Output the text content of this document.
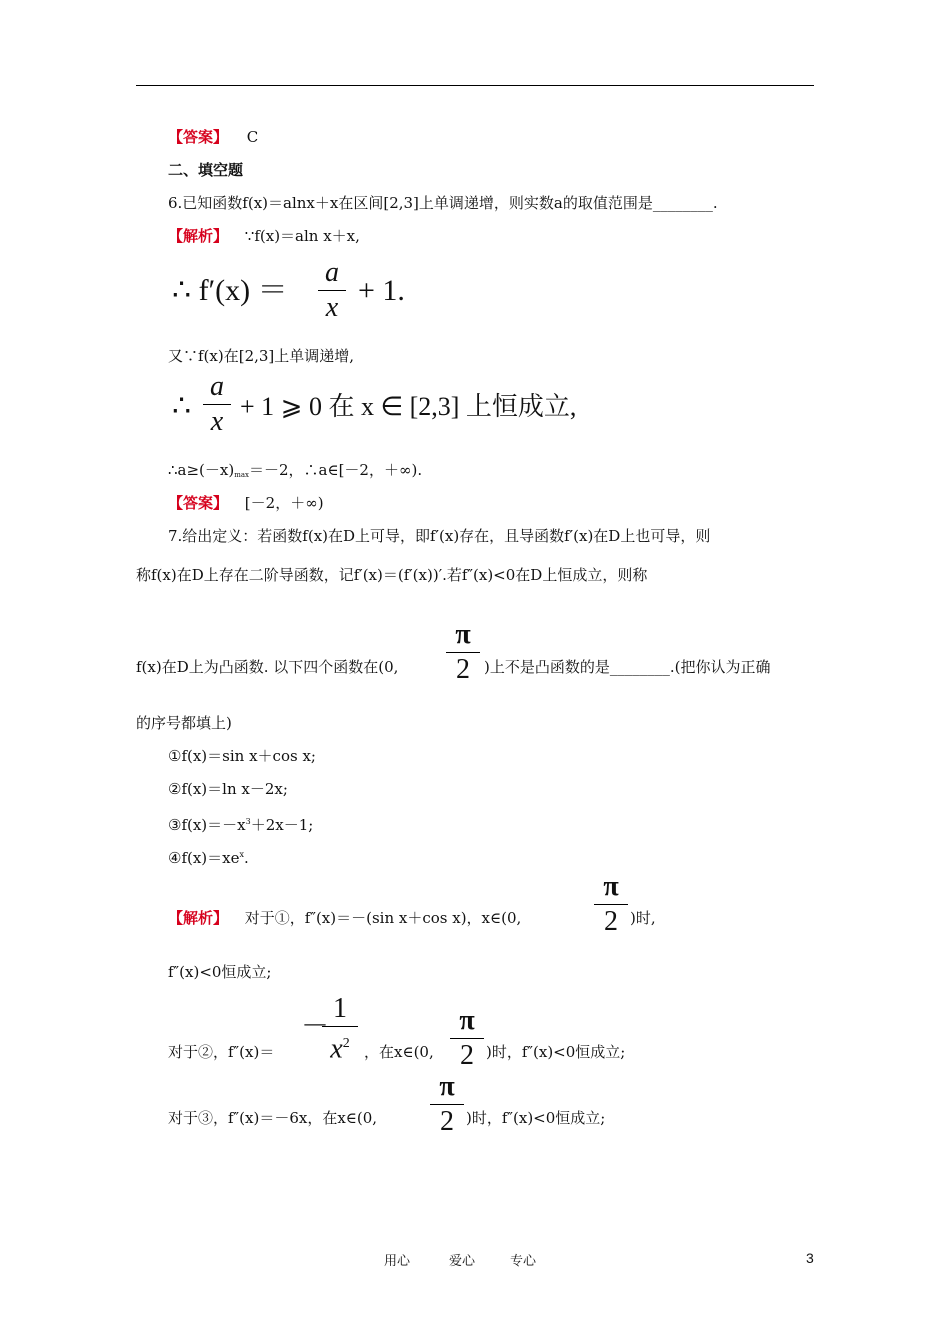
【答案】 C
二、填空题
6.已知函数f(x)＝alnx＋x在区间[2,3]上单调递增，则实数a的取值范围是________.
【解析】 ∵f(x)＝aln x＋x,
∴ f′(x) ＝
a
x
+ 1.
又∵f(x)在[2,3]上单调递增,
∴
a
x + 1 ⩾ 0 在 x ∈ [2,3] 上恒成立,
$\therefore a\ge(-x)_{max}=-2$，∴a∈[－2，＋∞).
【答案】 [－2，＋∞)
7.给出定义：若函数f(x)在D上可导，即f′(x)存在，且导函数f′(x)在D上也可导，则
称f(x)在D上存在二阶导函数，记f′(x)＝(f′(x))′.若f″(x)<0在D上恒成立，则称
f(x)在D上为凸函数. 以下四个函数在(0,
π
2 )上不是凸函数的是________.(把你认为正确
的序号都填上)
①f(x)＝sin x＋cos x;
②f(x)＝ln x－2x;
$③f(x)=-x^3+2x-1$;
$④f(x)=xe^x$.
【解析】 对于①，f″(x)＝－(sin x＋cos x)，x∈(0,
π
2 )时,
f″(x)<0恒成立;
对于②，f″(x)＝
－
1
$x^2$ ，在x∈(0,
π
2 )时，f″(x)<0恒成立;
对于③，f″(x)＝－6x，在x∈(0,
π
2 )时，f″(x)<0恒成立;
用心	爱心	专心	3
